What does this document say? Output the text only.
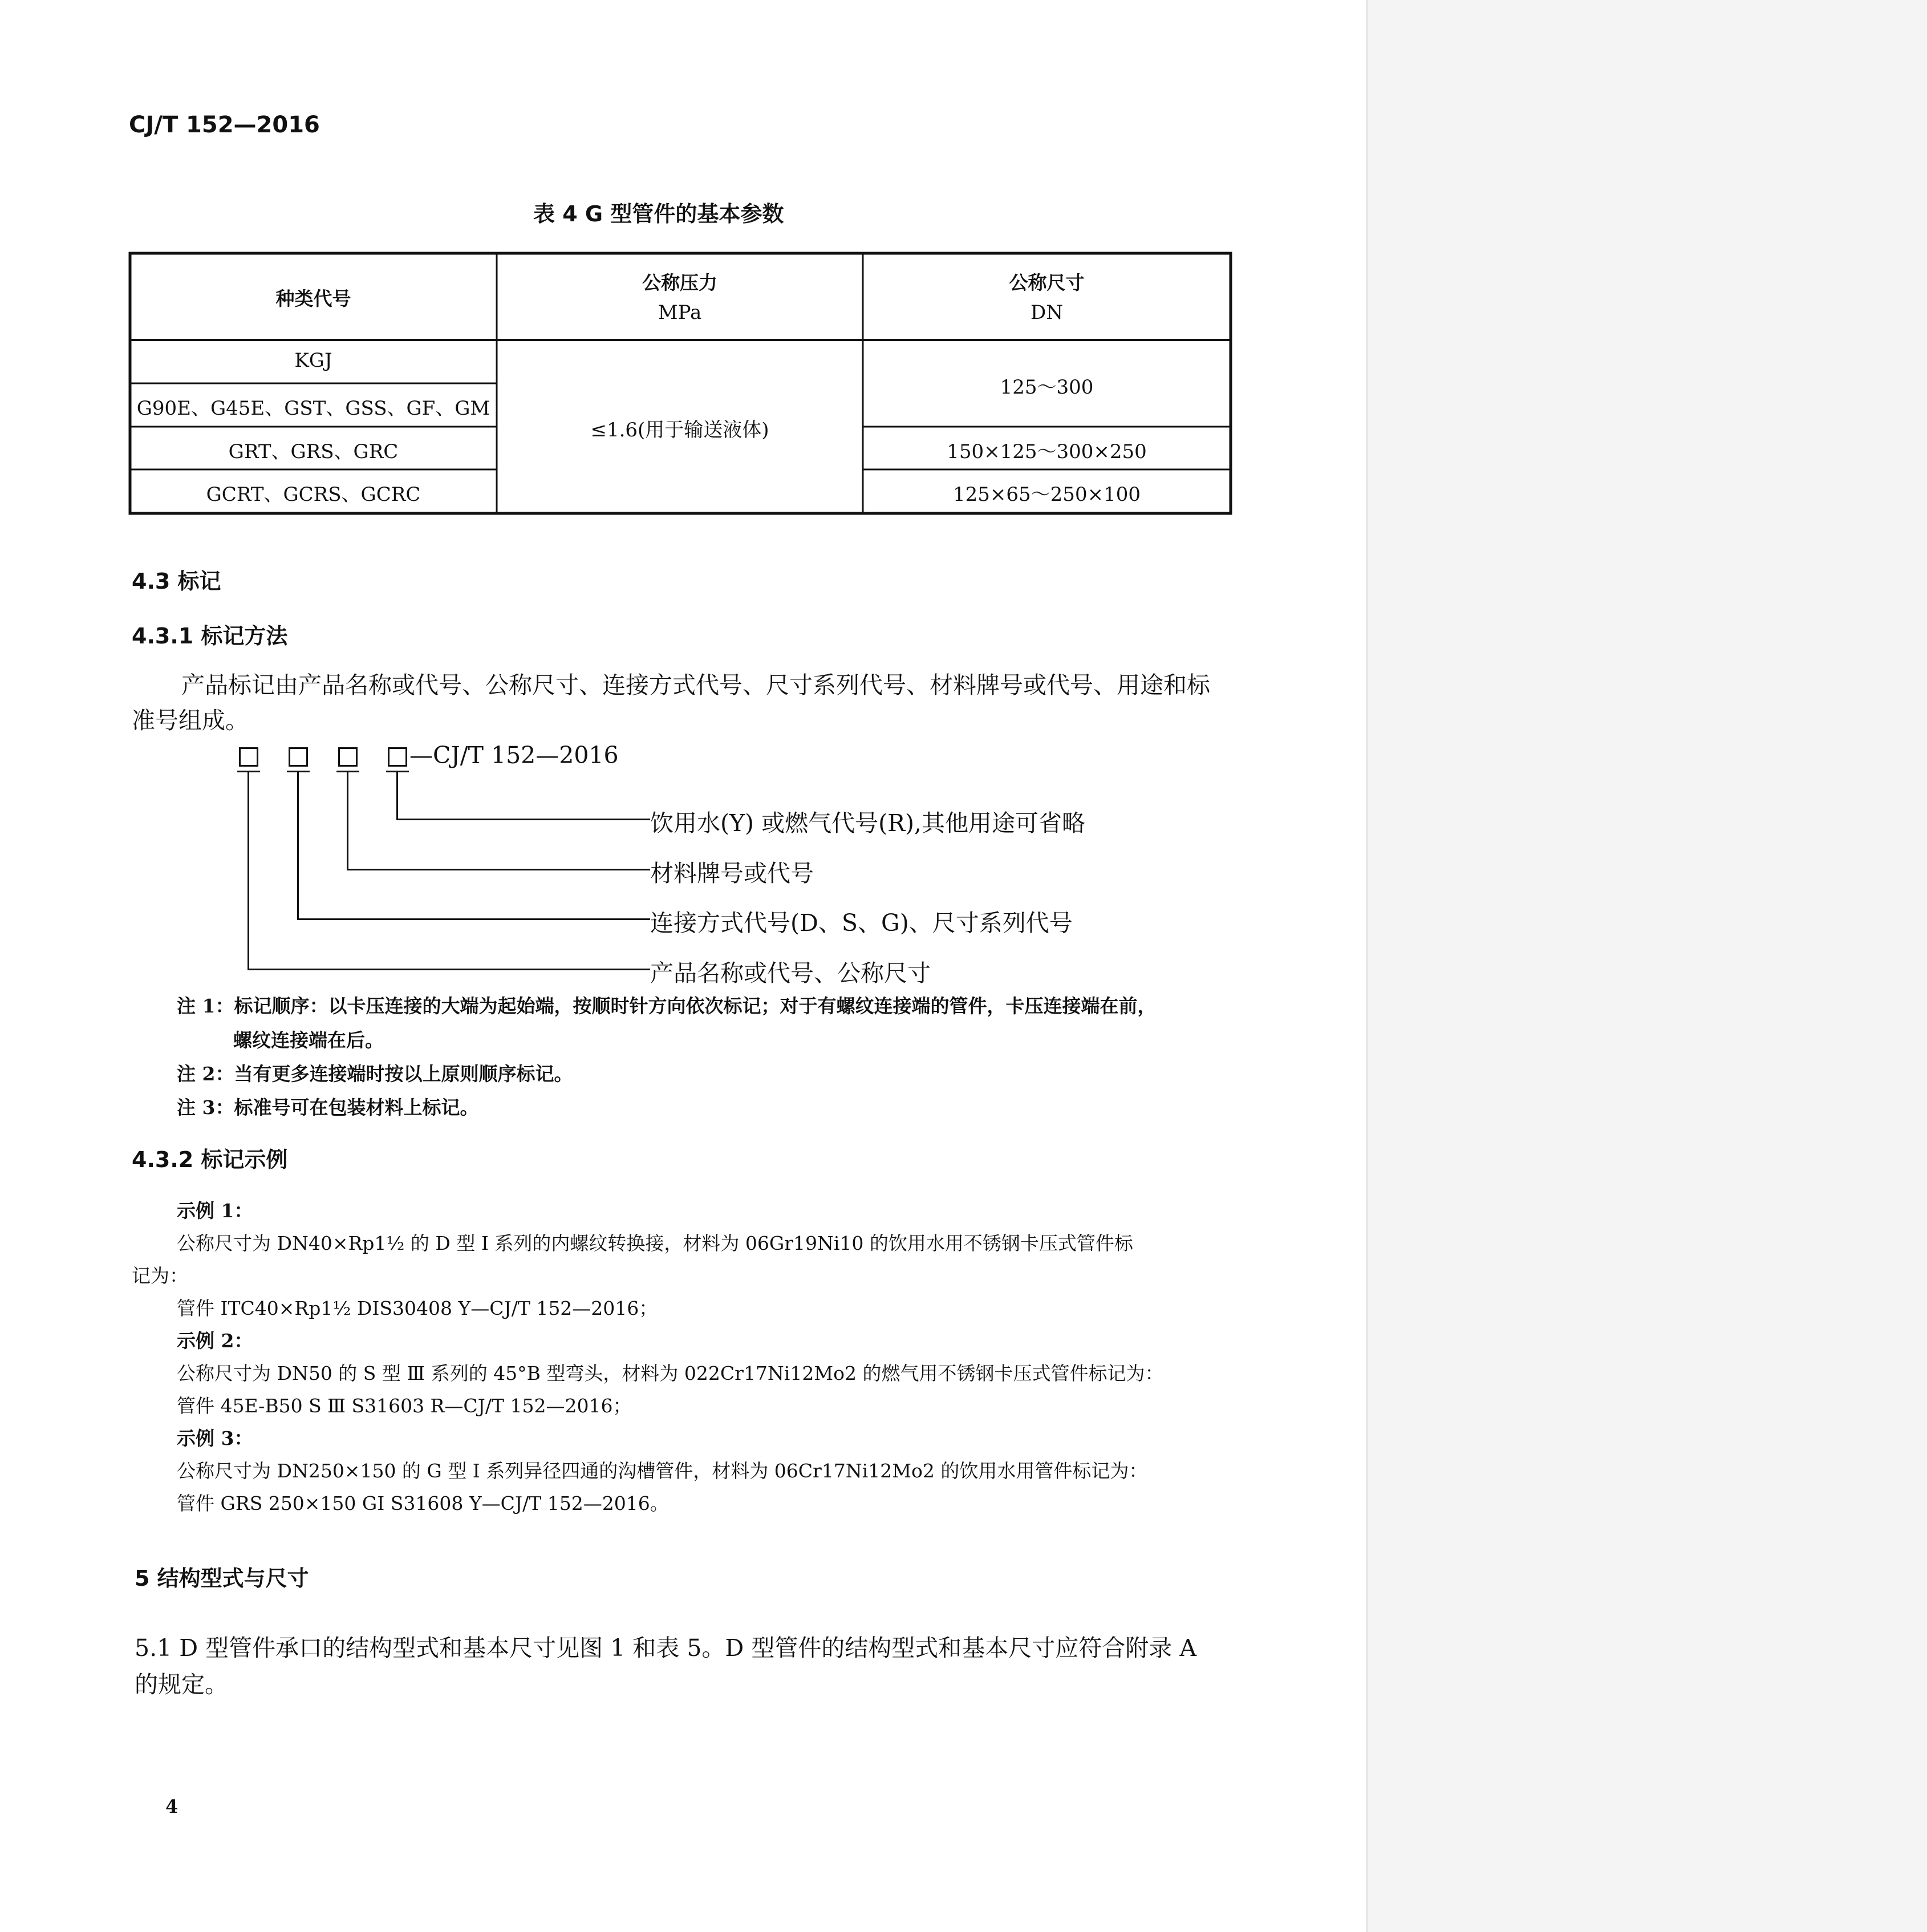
CJ/T 152—2016
表 4 G 型管件的基本参数
种类代号
公称压力
MPa
公称尺寸
DN
KGJ
G90E、G45E、GST、GSS、GF、GM
GRT、GRS、GRC
GCRT、GCRS、GCRC
≤1.6(用于输送液体)
125～300
150×125～300×250
125×65～250×100
4.3 标记
4.3.1 标记方法
产品标记由产品名称或代号、公称尺寸、连接方式代号、尺寸系列代号、材料牌号或代号、用途和标
准号组成。
—CJ/T 152—2016
饮用水(Y) 或燃气代号(R),其他用途可省略
材料牌号或代号
连接方式代号(D、S、G)、尺寸系列代号
产品名称或代号、公称尺寸
注 1：标记顺序：以卡压连接的大端为起始端，按顺时针方向依次标记；对于有螺纹连接端的管件，卡压连接端在前，
螺纹连接端在后。
注 2：当有更多连接端时按以上原则顺序标记。
注 3：标准号可在包装材料上标记。
4.3.2 标记示例
示例 1：
公称尺寸为 DN40×Rp1½ 的 D 型 Ⅰ 系列的内螺纹转换接，材料为 06Gr19Ni10 的饮用水用不锈钢卡压式管件标
记为：
管件 ITC40×Rp1½ DⅠS30408 Y—CJ/T 152—2016；
示例 2：
公称尺寸为 DN50 的 S 型 Ⅲ 系列的 45°B 型弯头，材料为 022Cr17Ni12Mo2 的燃气用不锈钢卡压式管件标记为：
管件 45E-B50 S Ⅲ S31603 R—CJ/T 152—2016；
示例 3：
公称尺寸为 DN250×150 的 G 型 Ⅰ 系列异径四通的沟槽管件，材料为 06Cr17Ni12Mo2 的饮用水用管件标记为：
管件 GRS 250×150 GⅠ S31608 Y—CJ/T 152—2016。
5 结构型式与尺寸
5.1 D 型管件承口的结构型式和基本尺寸见图 1 和表 5。D 型管件的结构型式和基本尺寸应符合附录 A
的规定。
4
